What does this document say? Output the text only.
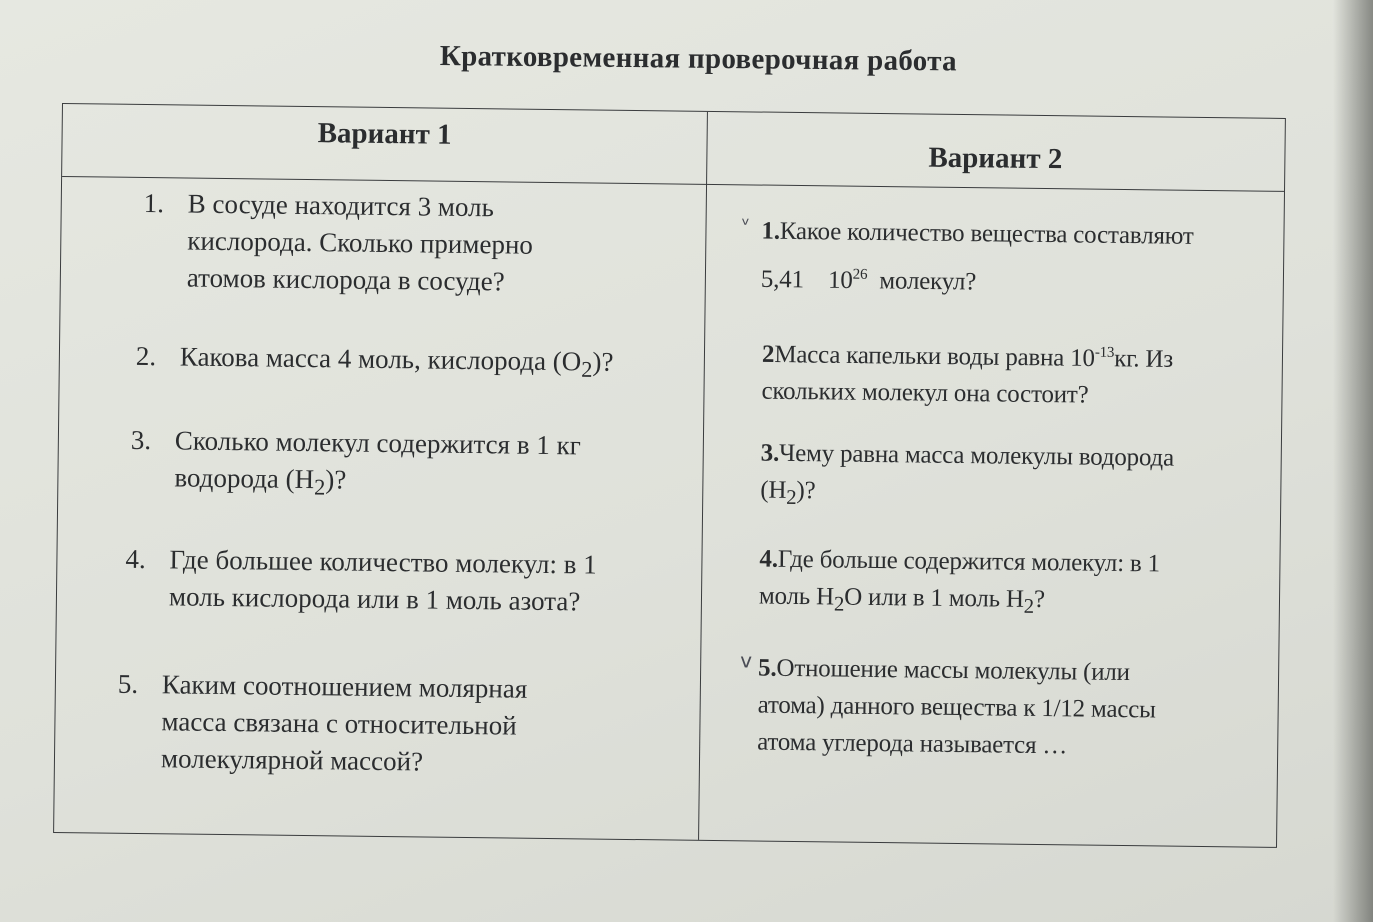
Кратковременная проверочная работа
Вариант 1
Вариант 2
1. В сосуде находится 3 моль
кислорода. Сколько примерно
атомов кислорода в сосуде?
2. Какова масса 4 моль, кислорода $(O_2)$?
3. Сколько молекул содержится в 1 кг
водорода $(H_2)$?
4. Где большее количество молекул: в 1
моль кислорода или в 1 моль азота?
5. Каким соотношением молярная
масса связана с относительной
молекулярной массой?
ᵛ 1.Какое количество вещества составляют
5,41 $10^{26}$ молекул?
2Масса капельки воды равна $10^{-13}кг$. Из
скольких молекул она состоит?
3.Чему равна масса молекулы водорода
$(H_2)$?
4.Где больше содержится молекул: в 1
моль $H_2O$ или в 1 моль $H_2$?
v 5.Отношение массы молекулы (или
атома) данного вещества к 1/12 массы
атома углерода называется …
